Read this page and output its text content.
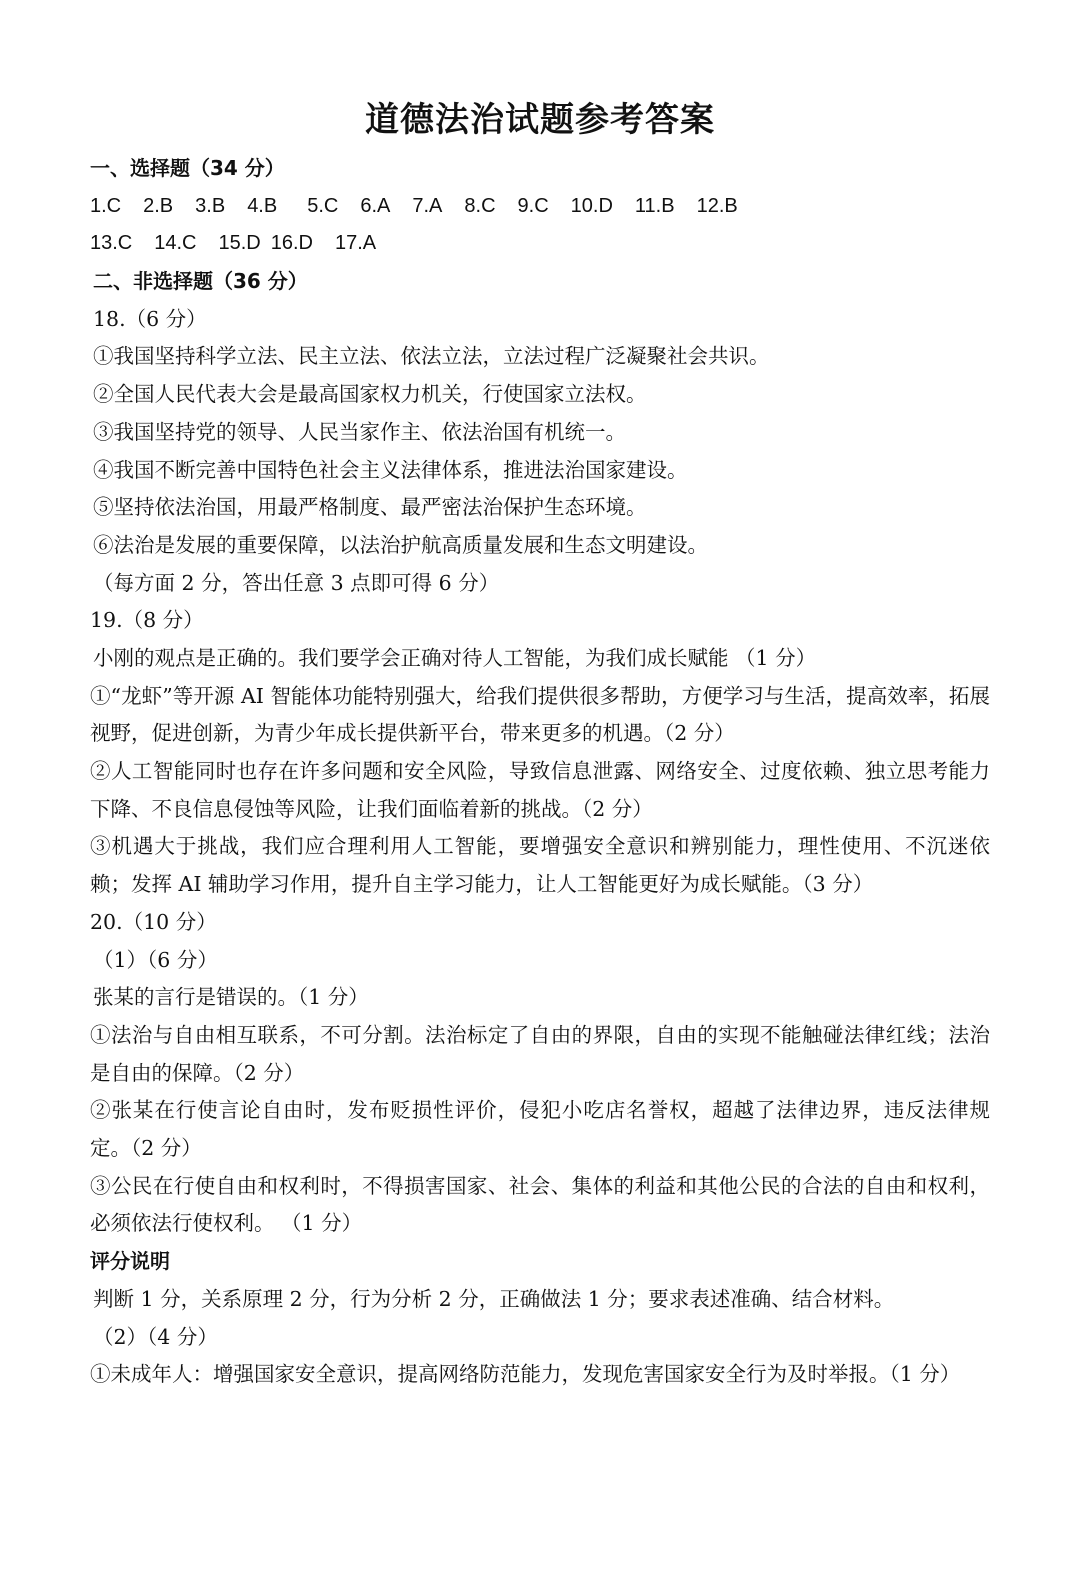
道德法治试题参考答案
一、选择题（34 分）
1.C 2.B 3.B 4.B 5.C 6.A 7.A 8.C 9.C 10.D 11.B 12.B
13.C 14.C 15.D 16.D 17.A
二、非选择题（36 分）
18.（6 分）
①我国坚持科学立法、民主立法、依法立法，立法过程广泛凝聚社会共识。
②全国人民代表大会是最高国家权力机关，行使国家立法权。
③我国坚持党的领导、人民当家作主、依法治国有机统一。
④我国不断完善中国特色社会主义法律体系，推进法治国家建设。
⑤坚持依法治国，用最严格制度、最严密法治保护生态环境。
⑥法治是发展的重要保障，以法治护航高质量发展和生态文明建设。
（每方面 2 分，答出任意 3 点即可得 6 分）
19.（8 分）
小刚的观点是正确的。我们要学会正确对待人工智能，为我们成长赋能 （1 分）
①“龙虾”等开源 AI 智能体功能特别强大，给我们提供很多帮助，方便学习与生活，提高效率，拓展视野，促进创新，为青少年成长提供新平台，带来更多的机遇。（2 分）
②人工智能同时也存在许多问题和安全风险，导致信息泄露、网络安全、过度依赖、独立思考能力下降、不良信息侵蚀等风险，让我们面临着新的挑战。（2 分）
③机遇大于挑战，我们应合理利用人工智能，要增强安全意识和辨别能力，理性使用、不沉迷依赖；发挥 AI 辅助学习作用，提升自主学习能力，让人工智能更好为成长赋能。（3 分）
20.（10 分）
（1）（6 分）
张某的言行是错误的。（1 分）
①法治与自由相互联系，不可分割。法治标定了自由的界限，自由的实现不能触碰法律红线；法治是自由的保障。（2 分）
②张某在行使言论自由时，发布贬损性评价，侵犯小吃店名誉权，超越了法律边界，违反法律规定。（2 分）
③公民在行使自由和权利时，不得损害国家、社会、集体的利益和其他公民的合法的自由和权利，必须依法行使权利。 （1 分）
评分说明
判断 1 分，关系原理 2 分，行为分析 2 分，正确做法 1 分；要求表述准确、结合材料。
（2）（4 分）
①未成年人：增强国家安全意识，提高网络防范能力，发现危害国家安全行为及时举报。（1 分）
